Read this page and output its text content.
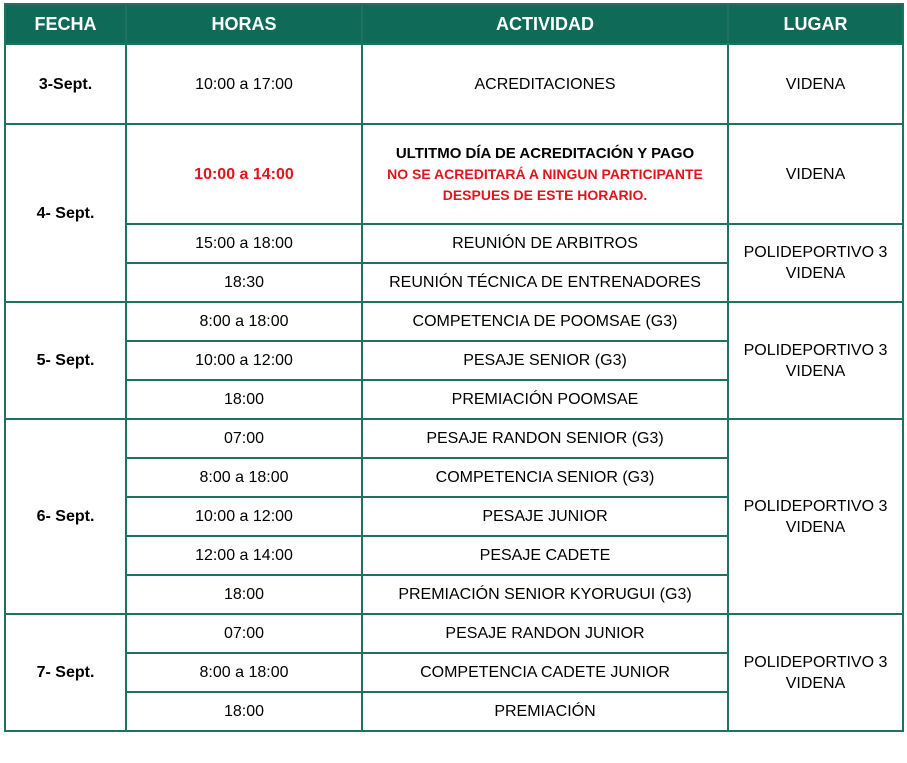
FECHA	HORAS	ACTIVIDAD	LUGAR
3-Sept.	10:00 a 17:00	ACREDITACIONES	VIDENA
4- Sept.	10:00 a 14:00	ULTITMO DÍA DE ACREDITACIÓN Y PAGO
NO SE ACREDITARÁ A NINGUN PARTICIPANTE
DESPUES DE ESTE HORARIO.	VIDENA
	15:00 a 18:00	REUNIÓN DE ARBITROS	POLIDEPORTIVO 3
VIDENA

	18:30	REUNIÓN TÉCNICA DE ENTRENADORES	
5- Sept.	8:00 a 18:00	COMPETENCIA DE POOMSAE (G3)	POLIDEPORTIVO 3
VIDENA

	10:00 a 12:00	PESAJE SENIOR (G3)	
	18:00	PREMIACIÓN POOMSAE	
6- Sept.	07:00	PESAJE RANDON SENIOR (G3)	POLIDEPORTIVO 3
VIDENA

	8:00 a 18:00	COMPETENCIA SENIOR (G3)	
	10:00 a 12:00	PESAJE JUNIOR	
	12:00 a 14:00	PESAJE CADETE	
	18:00	PREMIACIÓN SENIOR KYORUGUI (G3)	
7- Sept.	07:00	PESAJE RANDON JUNIOR	POLIDEPORTIVO 3
VIDENA

	8:00 a 18:00	COMPETENCIA CADETE JUNIOR	
	18:00	PREMIACIÓN	
